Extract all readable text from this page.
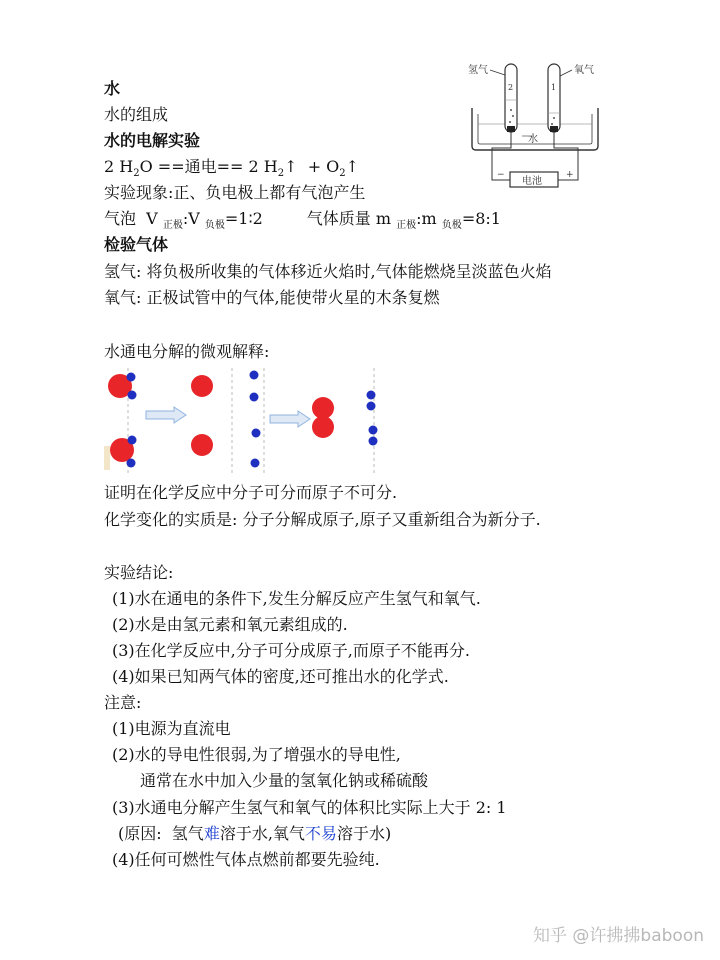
氢气	氧气
2	1
水
−	+
电池
水
水的组成
水的电解实验
2 $H_2O$ ==通电== 2 $H_2↑$  + $O_2↑$
实验现象:正、负电极上都有气泡产生
气泡  V $_{正极}$:V $_{负极}$=1∶2	气体质量 m $_{正极}$:m $_{负极}$=8:1
检验气体
氢气: 将负极所收集的气体移近火焰时,气体能燃烧呈淡蓝色火焰
氧气: 正极试管中的气体,能使带火星的木条复燃
水通电分解的微观解释:
证明在化学反应中分子可分而原子不可分.
化学变化的实质是: 分子分解成原子,原子又重新组合为新分子.
实验结论:
(1)水在通电的条件下,发生分解反应产生氢气和氧气.
(2)水是由氢元素和氧元素组成的.
(3)在化学反应中,分子可分成原子,而原子不能再分.
(4)如果已知两气体的密度,还可推出水的化学式.
注意:
(1)电源为直流电
(2)水的导电性很弱,为了增强水的导电性,
通常在水中加入少量的氢氧化钠或稀硫酸
(3)水通电分解产生氢气和氧气的体积比实际上大于 2: 1
(原因:  氢气难溶于水,氧气不易溶于水)
(4)任何可燃性气体点燃前都要先验纯.
知乎 @许拂拂baboon
